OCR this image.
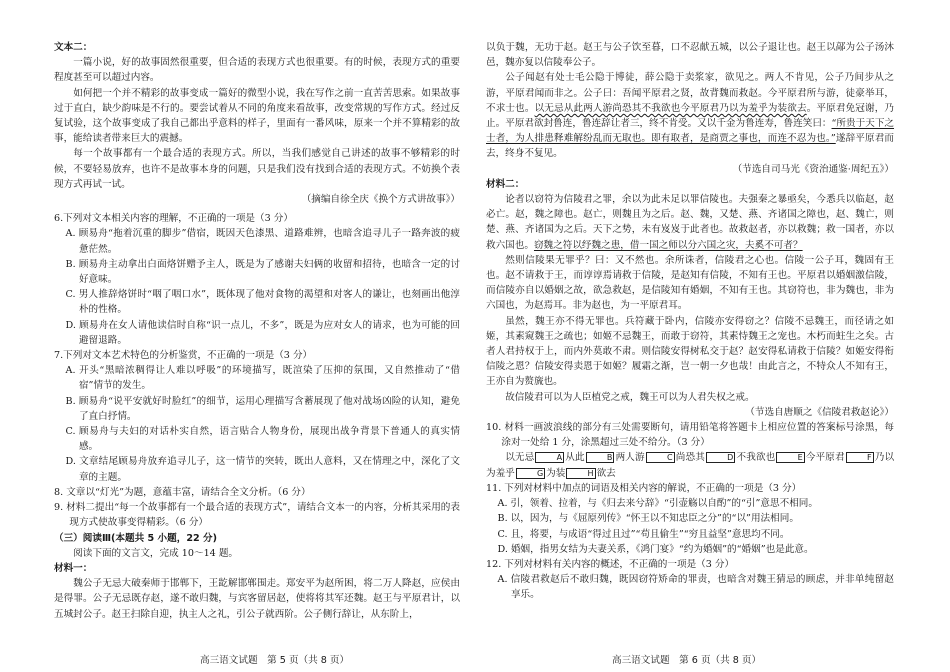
文本二：

一篇小说，好的故事固然很重要，但合适的表现方式也很重要。有的时候，表现方式的重要程度甚至可以超过内容。

如何把一个并不精彩的故事变成一篇好的微型小说，我在写作之前一直苦苦思索。如果故事过于直白，缺少韵味是不行的。要尝试着从不同的角度来看故事，改变常规的写作方式。经过反复试验，这个故事变成了我自己都出乎意料的样子，里面有一番风味，原来一个并不算精彩的故事，能给读者带来巨大的震撼。

每一个故事都有一个最合适的表现方式。所以，当我们感觉自己讲述的故事不够精彩的时候，不要轻易放弃，也许不是故事本身的问题，只是我们没有找到合适的表现方式。不妨换个表现方式再试一试。

（摘编自徐全庆《换个方式讲故事》）

6.下列对文本相关内容的理解，不正确的一项是（3 分）

A. 顾易舟“拖着沉重的脚步”借宿，既因天色漆黑、道路难辨，也暗含追寻儿子一路奔波的疲惫茫然。

B. 顾易舟主动拿出白面烙饼赠予主人，既是为了感谢夫妇俩的收留和招待，也暗含一定的讨好意味。

C. 男人推辞烙饼时“咽了咽口水”，既体现了他对食物的渴望和对客人的谦让，也刻画出他淳朴的性格。

D. 顾易舟在女人请他读信时自称“识一点儿，不多”，既是为应对女人的请求，也为可能的回避留退路。

7.下列对文本艺术特色的分析鉴赏，不正确的一项是（3 分）

A. 开头“黑暗浓稠得让人难以呼吸”的环境描写，既渲染了压抑的氛围，又自然推动了“借宿”情节的发生。

B. 顾易舟“说平安就好时脸红”的细节，运用心理描写含蓄展现了他对战场凶险的认知，避免了直白抒情。

C. 顾易舟与夫妇的对话朴实自然，语言贴合人物身份，展现出战争背景下普通人的真实情感。

D. 文章结尾顾易舟放弃追寻儿子，这一情节的突转，既出人意料，又在情理之中，深化了文章的主题。

8. 文章以“灯光”为题，意蕴丰富，请结合全文分析。（6 分）

9. 材料二提出“每一个故事都有一个最合适的表现方式”，请结合文本一的内容，分析其采用的表现方式使故事变得精彩。（6 分）

（三）阅读Ⅲ(本题共 5 小题，22 分)

阅读下面的文言文，完成 10～14 题。

材料一：

魏公子无忌大破秦师于邯郸下，王龁解邯郸围走。郑安平为赵所困，将二万人降赵，应侯由是得罪。公子无忌既存赵，遂不敢归魏，与宾客留居赵，使将将其军还魏。赵王与平原君计，以五城封公子。赵王扫除自迎，执主人之礼，引公子就西阶。公子侧行辞让，从东阶上，

以负于魏，无功于赵。赵王与公子饮至暮，口不忍献五城，以公子退让也。赵王以鄗为公子汤沐邑，魏亦复以信陵奉公子。

公子闻赵有处士毛公隐于博徒，薛公隐于卖浆家，欲见之。两人不肯见，公子乃间步从之游，平原君闻而非之。公子曰：吾闻平原君之贤，故背魏而救赵。今平原君所与游，徒豪举耳，不求士也。以无忌从此两人游尚恐其不我欲也今平原君乃以为羞乎为装欲去。平原君免冠谢，乃止。平原君欲封鲁连，鲁连辞让者三，终不肯受。又以千金为鲁连寿，鲁连笑曰：“所贵于天下之士者，为人排患释难解纷乱而无取也。即有取者，是商贾之事也，而连不忍为也。”遂辞平原君而去，终身不复见。

（节选自司马光《资治通鉴·周纪五》）

材料二：

论者以窃符为信陵君之罪，余以为此未足以罪信陵也。夫强秦之暴亟矣，今悉兵以临赵，赵必亡。赵，魏之障也。赵亡，则魏且为之后。赵、魏，又楚、燕、齐诸国之障也，赵、魏亡，则楚、燕、齐诸国为之后。天下之势，未有岌岌于此者也。故救赵者，亦以救魏；救一国者，亦以救六国也。窃魏之符以纾魏之患，借一国之师以分六国之灾，夫奚不可者？

然则信陵果无罪乎？曰：又不然也。余所诛者，信陵君之心也。信陵一公子耳，魏固有王也。赵不请救于王，而谆谆焉请救于信陵，是赵知有信陵，不知有王也。平原君以婚姻激信陵，而信陵亦自以婚姻之故，欲急救赵，是信陵知有婚姻，不知有王也。其窃符也，非为魏也，非为六国也，为赵焉耳。非为赵也，为一平原君耳。

虽然，魏王亦不得无罪也。兵符藏于卧内，信陵亦安得窃之？信陵不忌魏王，而径请之如姬，其素窥魏王之疏也；如姬不忌魏王，而敢于窃符，其素恃魏王之宠也。木朽而蛀生之矣。古者人君持权于上，而内外莫敢不肃。则信陵安得树私交于赵？赵安得私请救于信陵？如姬安得衔信陵之恩？信陵安得卖恩于如姬？履霜之渐，岂一朝一夕也哉！由此言之，不特众人不知有王，王亦自为赘旒也。

故信陵君可以为人臣植党之戒，魏王可以为人君失权之戒。

（节选自唐顺之《信陵君救赵论》）

10. 材料一画波浪线的部分有三处需要断句，请用铅笔将答题卡上相应位置的答案标号涂黑，每涂对一处给 1 分，涂黑超过三处不给分。（3 分）

以无忌	A 从此	B 两人游	C 尚恐其	D 不我欲也	E 今平原君	F 乃以为羞乎	G 为装	H 欲去

11. 下列对材料中加点的词语及相关内容的解说，不正确的一项是（3 分）

A. 引，领着、拉着，与《归去来兮辞》“引壶觞以自酌”的“引”意思不相同。

B. 以，因为，与《屈原列传》“怀王以不知忠臣之分”的“以”用法相同。

C. 且，将要，与成语“得过且过”“苟且偷生”“穷且益坚”意思均不同。

D. 婚姻，指男女结为夫妻关系，《鸿门宴》“约为婚姻”的“婚姻”也是此意。

12. 下列对材料有关内容的概述，不正确的一项是（3 分）

A. 信陵君救赵后不敢归魏，既因窃符矫命的罪责，也暗含对魏王猜忌的顾虑，并非单纯留赵享乐。

高三语文试题　第 5 页（共 8 页）	高三语文试题　第 6 页（共 8 页）
